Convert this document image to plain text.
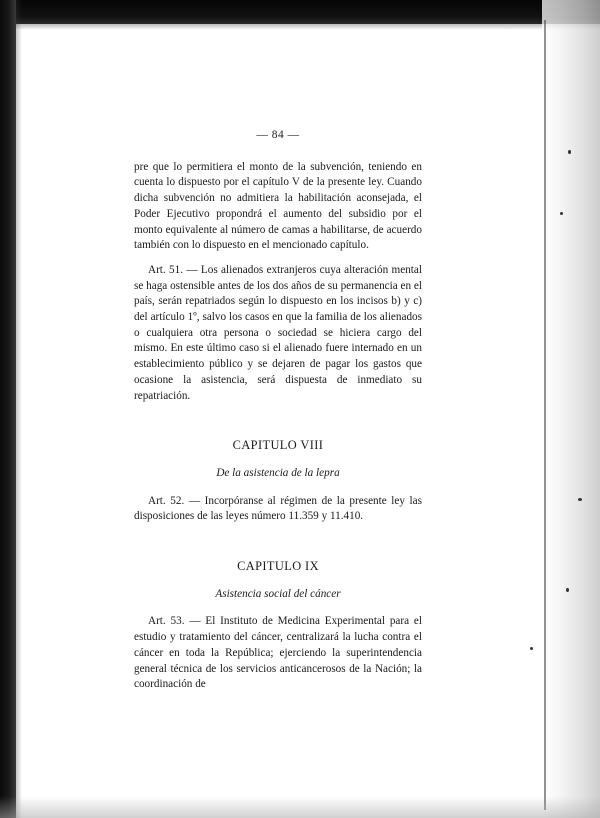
— 84 —

pre que lo permitiera el monto de la subvención, teniendo en cuenta lo dispuesto por el capítulo V de la presente ley. Cuando dicha subvención no admitiera la habilitación aconsejada, el Poder Ejecutivo propondrá el aumento del subsidio por el monto equivalente al número de camas a habilitarse, de acuerdo también con lo dispuesto en el mencionado capítulo.

Art. 51. — Los alienados extranjeros cuya alteración mental se haga ostensible antes de los dos años de su permanencia en el país, serán repatriados según lo dispuesto en los incisos b) y c) del artículo 1º, salvo los casos en que la familia de los alienados o cualquiera otra persona o sociedad se hiciera cargo del mismo. En este último caso si el alienado fuere internado en un establecimiento público y se dejaren de pagar los gastos que ocasione la asistencia, será dispuesta de inmediato su repatriación.

CAPITULO VIII
De la asistencia de la lepra

Art. 52. — Incorpóranse al régimen de la presente ley las disposiciones de las leyes número 11.359 y 11.410.

CAPITULO IX
Asistencia social del cáncer

Art. 53. — El Instituto de Medicina Experimental para el estudio y tratamiento del cáncer, centralizará la lucha contra el cáncer en toda la República; ejerciendo la superintendencia general técnica de los servicios anticancerosos de la Nación; la coordinación de
